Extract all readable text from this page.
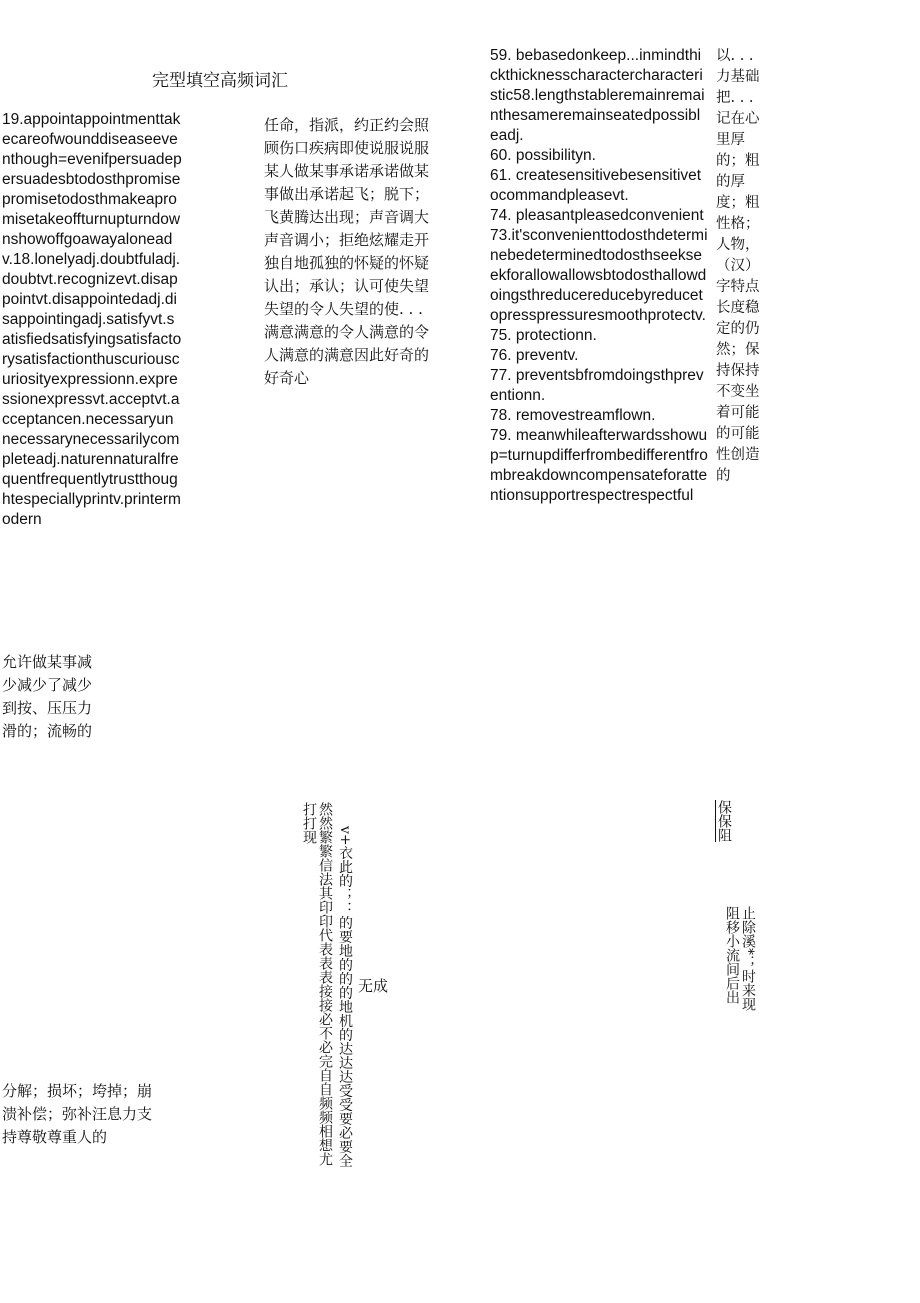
完型填空高频词汇
19.appointappointmenttakecareofwounddiseaseeventhough=evenifpersuadepersuadesbtodosthpromisepromisetodosthmakeapromisetakeoffturnupturndownshowoffgoawayaloneadv.18.lonelyadj.doubtfuladj.doubtvt.recognizevt.disappointvt.disappointedadj.disappointingadj.satisfyvt.satisfiedsatisfyingsatisfactorysatisfactionthuscuriouscuriosityexpressionn.expressionexpressvt.acceptvt.acceptancen.necessaryunnecessarynecessarilycompleteadj.naturennaturalfrequentfrequentlytrustthoughtespeciallyprintv.printermodern
任命，指派，约正约会照顾伤口疾病即使说服说服某人做某事承诺承诺做某事做出承诺起飞；脱下；飞黄腾达出现；声音调大声音调小；拒绝炫耀走开独自地孤独的怀疑的怀疑认出；承认；认可使失望失望的令人失望的使. . . 满意满意的令人满意的令人满意的满意因此好奇的好奇心
59. bebasedonkeep...inmindthickthicknesscharactercharacteristic58.lengthstableremainremainthesameremainseatedpossibleadj.
60. possibilityn.
61. createsensitivebesensitivetocommandpleasevt.
74. pleasantpleasedconvenient73.it'sconvenienttodosthdeterminebedeterminedtodosthseekseekforallowallowsbtodosthallowdoingsthreducereducebyreducetopresspressuresmoothprotectv.
75. protectionn.
76. preventv.
77. preventsbfromdoingsthpreventionn.
78. removestreamflown.
79. meanwhileafterwardsshowup=turnupdifferfrombedifferentfrombreakdowncompensateforattentionsupportrespectrespectful
以. . . 力基础把. . . 记在心里厚的；粗的厚度；粗性格；人物，（汉）字特点长度稳定的仍然；保持保持不变坐着可能的可能性创造的
允许做某事减少减少了减少到按、压压力滑的；流畅的
分解；损坏；垮掉；崩溃补偿；弥补汪息力支持尊敬尊重人的	然然繁繁信法其印印代表表表接接必不必完自自频频相想尤
打打现
v+衣此的；：的要地的的的地机的达达达受受要必要全 无成
保保阻
止除溪*；时来现
阻移小流间后出
